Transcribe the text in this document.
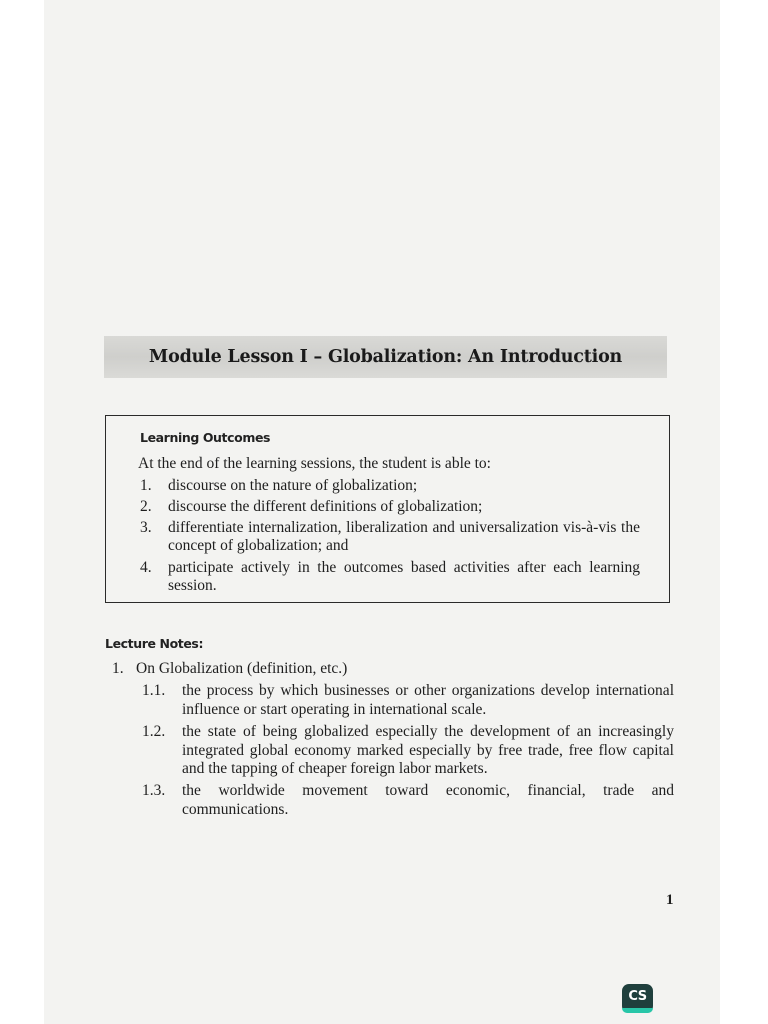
Module Lesson I – Globalization: An Introduction
Learning Outcomes
At the end of the learning sessions, the student is able to:
1.	discourse on the nature of globalization;
2.	discourse the different definitions of globalization;
3.	differentiate internalization, liberalization and universalization vis-à-vis the concept of globalization; and
4.	participate actively in the outcomes based activities after each learning session.
Lecture Notes:
1. On Globalization (definition, etc.)
1.1.	the process by which businesses or other organizations develop international influence or start operating in international scale.
1.2.	the state of being globalized especially the development of an increasingly integrated global economy marked especially by free trade, free flow capital and the tapping of cheaper foreign labor markets.
1.3.	the worldwide movement toward economic, financial, trade and communications.
1
CS
